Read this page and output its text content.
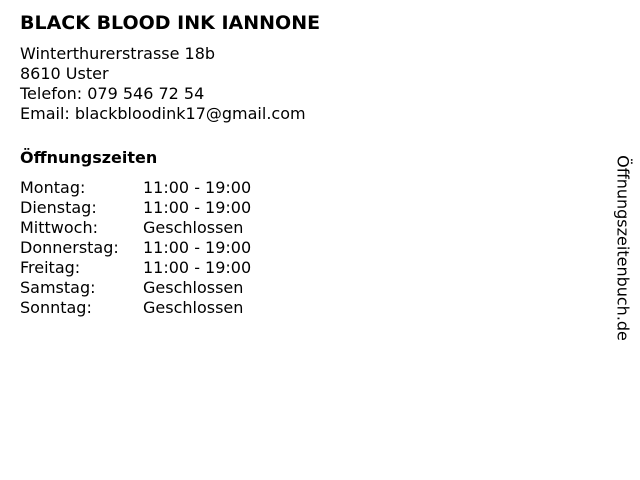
BLACK BLOOD INK IANNONE
Winterthurerstrasse 18b
8610 Uster
Telefon: 079 546 72 54
Email: blackbloodink17@gmail.com
Öffnungszeiten
Montag:	11:00 - 19:00
Dienstag:	11:00 - 19:00
Mittwoch:	Geschlossen
Donnerstag:	11:00 - 19:00
Freitag:	11:00 - 19:00
Samstag:	Geschlossen
Sonntag:	Geschlossen	Öffnungszeitenbuch.de
